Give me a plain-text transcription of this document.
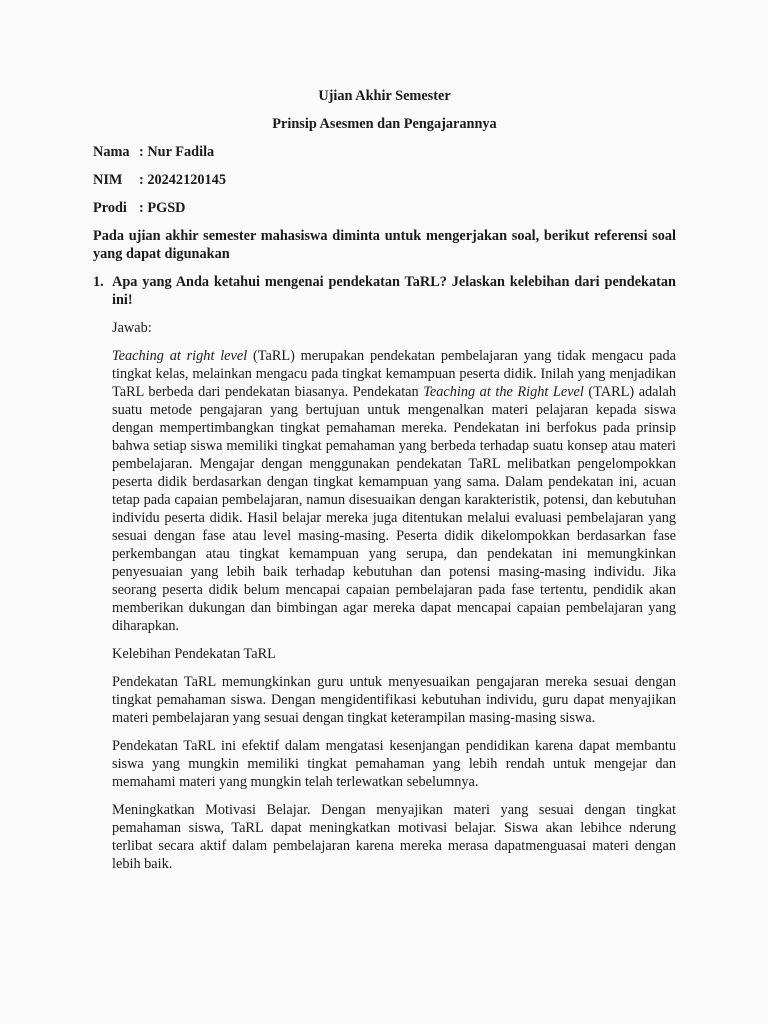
Ujian Akhir Semester
Prinsip Asesmen dan Pengajarannya
Nama : Nur Fadila
NIM	: 20242120145
Prodi : PGSD
Pada ujian akhir semester mahasiswa diminta untuk mengerjakan soal, berikut referensi soal yang dapat digunakan
1. Apa yang Anda ketahui mengenai pendekatan TaRL? Jelaskan kelebihan dari pendekatan ini!

Jawab:

Teaching at right level (TaRL) merupakan pendekatan pembelajaran yang tidak mengacu pada tingkat kelas, melainkan mengacu pada tingkat kemampuan peserta didik. Inilah yang menjadikan TaRL berbeda dari pendekatan biasanya. Pendekatan Teaching at the Right Level (TARL) adalah suatu metode pengajaran yang bertujuan untuk mengenalkan materi pelajaran kepada siswa dengan mempertimbangkan tingkat pemahaman mereka. Pendekatan ini berfokus pada prinsip bahwa setiap siswa memiliki tingkat pemahaman yang berbeda terhadap suatu konsep atau materi pembelajaran. Mengajar dengan menggunakan pendekatan TaRL melibatkan pengelompokkan peserta didik berdasarkan dengan tingkat kemampuan yang sama. Dalam pendekatan ini, acuan tetap pada capaian pembelajaran, namun disesuaikan dengan karakteristik, potensi, dan kebutuhan individu peserta didik. Hasil belajar mereka juga ditentukan melalui evaluasi pembelajaran yang sesuai dengan fase atau level masing-masing. Peserta didik dikelompokkan berdasarkan fase perkembangan atau tingkat kemampuan yang serupa, dan pendekatan ini memungkinkan penyesuaian yang lebih baik terhadap kebutuhan dan potensi masing-masing individu. Jika seorang peserta didik belum mencapai capaian pembelajaran pada fase tertentu, pendidik akan memberikan dukungan dan bimbingan agar mereka dapat mencapai capaian pembelajaran yang diharapkan.

Kelebihan Pendekatan TaRL

Pendekatan TaRL memungkinkan guru untuk menyesuaikan pengajaran mereka sesuai dengan tingkat pemahaman siswa. Dengan mengidentifikasi kebutuhan individu, guru dapat menyajikan materi pembelajaran yang sesuai dengan tingkat keterampilan masing-masing siswa.

Pendekatan TaRL ini efektif dalam mengatasi kesenjangan pendidikan karena dapat membantu siswa yang mungkin memiliki tingkat pemahaman yang lebih rendah untuk mengejar dan memahami materi yang mungkin telah terlewatkan sebelumnya.

Meningkatkan Motivasi Belajar. Dengan menyajikan materi yang sesuai dengan tingkat pemahaman siswa, TaRL dapat meningkatkan motivasi belajar. Siswa akan lebihce nderung terlibat secara aktif dalam pembelajaran karena mereka merasa dapatmenguasai materi dengan lebih baik.
